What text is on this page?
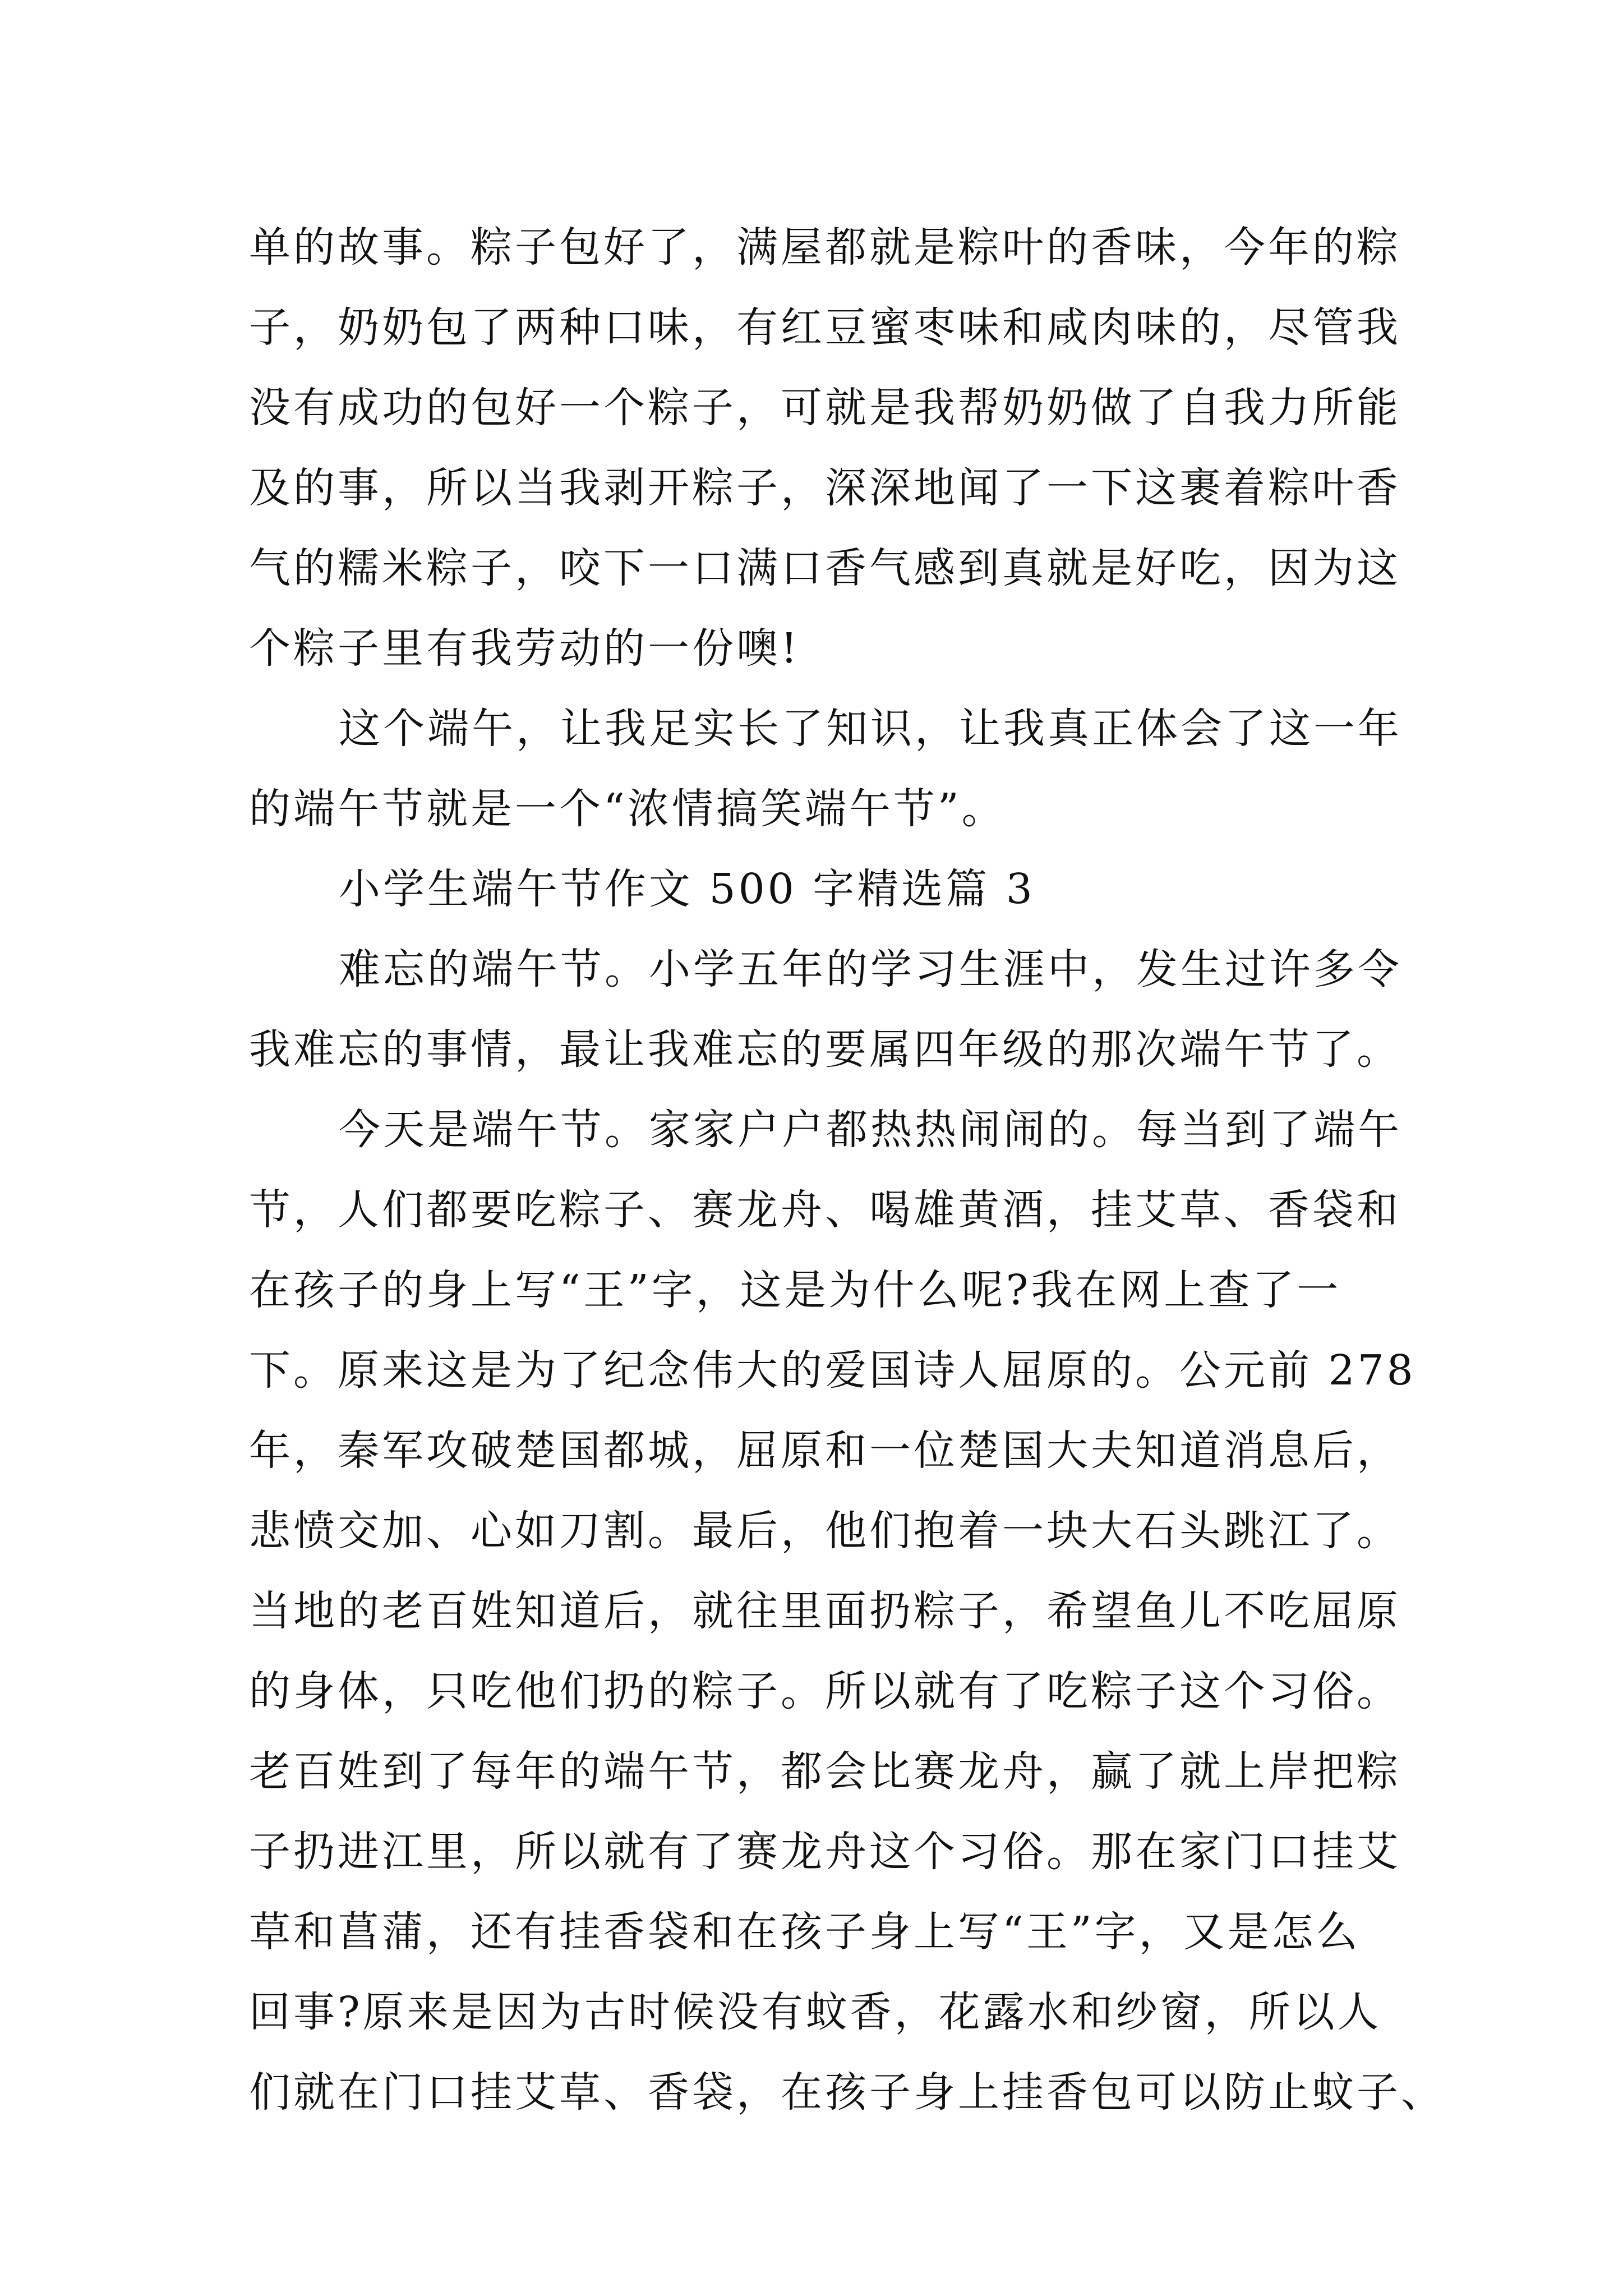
单的故事。粽子包好了，满屋都就是粽叶的香味，今年的粽
子，奶奶包了两种口味，有红豆蜜枣味和咸肉味的，尽管我
没有成功的包好一个粽子，可就是我帮奶奶做了自我力所能
及的事，所以当我剥开粽子，深深地闻了一下这裹着粽叶香
气的糯米粽子，咬下一口满口香气感到真就是好吃，因为这
个粽子里有我劳动的一份噢!
这个端午，让我足实长了知识，让我真正体会了这一年
的端午节就是一个“浓情搞笑端午节”。
小学生端午节作文 500 字精选篇 3
难忘的端午节。小学五年的学习生涯中，发生过许多令
我难忘的事情，最让我难忘的要属四年级的那次端午节了。
今天是端午节。家家户户都热热闹闹的。每当到了端午
节，人们都要吃粽子、赛龙舟、喝雄黄酒，挂艾草、香袋和
在孩子的身上写“王”字，这是为什么呢?我在网上查了一
下。原来这是为了纪念伟大的爱国诗人屈原的。公元前 278
年，秦军攻破楚国都城，屈原和一位楚国大夫知道消息后，
悲愤交加、心如刀割。最后，他们抱着一块大石头跳江了。
当地的老百姓知道后，就往里面扔粽子，希望鱼儿不吃屈原
的身体，只吃他们扔的粽子。所以就有了吃粽子这个习俗。
老百姓到了每年的端午节，都会比赛龙舟，赢了就上岸把粽
子扔进江里，所以就有了赛龙舟这个习俗。那在家门口挂艾
草和菖蒲，还有挂香袋和在孩子身上写“王”字，又是怎么
回事?原来是因为古时候没有蚊香，花露水和纱窗，所以人
们就在门口挂艾草、香袋，在孩子身上挂香包可以防止蚊子、
